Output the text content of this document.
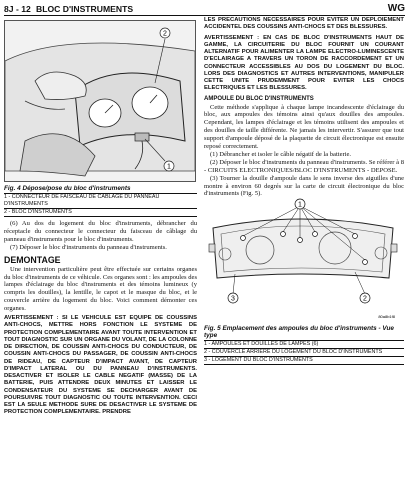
8J - 12 BLOC D'INSTRUMENTS	WG
2
1
Fig. 4 Dépose/pose du bloc d'instruments
1 - CONNECTEUR DE FAISCEAU DE CABLAGE DU PANNEAU D'INSTRUMENTS
2 - BLOC D'INSTRUMENTS

(6) Au dos du logement du bloc d'instruments, débrancher du réceptacle du connecteur le connecteur du faisceau de câblage du panneau d'instruments pour le bloc d'instruments.

(7) Déposer le bloc d'instruments du panneau d'instruments.

DEMONTAGE

Une intervention particulière peut être effectuée sur certains organes du bloc d'instruments de ce véhicule. Ces organes sont : les ampoules des lampes d'éclairage du bloc d'instruments et des témoins lumineux (y compris les douilles), la lentille, le capot et le masque du bloc, et le couvercle arrière du logement du bloc. Voici comment démonter ces organes.

AVERTISSEMENT : SI LE VEHICULE EST EQUIPE DE COUSSINS ANTI-CHOCS, METTRE HORS FONCTION LE SYSTEME DE PROTECTION COMPLEMENTAIRE AVANT TOUTE INTERVENTION ET TOUT DIAGNOSTIC SUR UN ORGANE DU VOLANT, DE LA COLONNE DE DIRECTION, DE COUSSIN ANTI-CHOCS DU CONDUCTEUR, DE COUSSIN ANTI-CHOCS DU PASSAGER, DE COUSSIN ANTI-CHOCS DE RIDEAU, DE CAPTEUR D'IMPACT AVANT, DE CAPTEUR D'IMPACT LATERAL OU DU PANNEAU D'INSTRUMENTS. DESACTIVER ET ISOLER LE CABLE NEGATIF (MASSE) DE LA BATTERIE, PUIS ATTENDRE DEUX MINUTES ET LAISSER LE CONDENSATEUR DU SYSTEME SE DECHARGER AVANT DE POURSUIVRE TOUT DIAGNOSTIC OU TOUTE INTERVENTION. CECI EST LA SEULE METHODE SURE DE DESACTIVER LE SYSTEME DE PROTECTION COMPLEMENTAIRE. PRENDRE

LES PRECAUTIONS NECESSAIRES POUR EVITER UN DEPLOIEMENT ACCIDENTEL DES COUSSINS ANTI-CHOCS ET DES BLESSURES.

AVERTISSEMENT : EN CAS DE BLOC D'INSTRUMENTS HAUT DE GAMME, LA CIRCUITERIE DU BLOC FOURNIT UN COURANT ALTERNATIF POUR ALIMENTER LA LAMPE ELECTRO-LUMINESCENTE D'ECLAIRAGE A TRAVERS UN TORON DE RACCORDEMENT ET UN CONNECTEUR ACCESSIBLES AU DOS DU LOGEMENT DU BLOC. LORS DES DIAGNOSTICS ET AUTRES INTERVENTIONS, MANIPULER CETTE UNITE PRUDEMMENT POUR EVITER LES CHOCS ELECTRIQUES ET LES BLESSURES.

AMPOULE DU BLOC D'INSTRUMENTS

Cette méthode s'applique à chaque lampe incandescente d'éclairage du bloc, aux ampoules des témoins ainsi qu'aux douilles des ampoules. Cependant, les lampes d'éclairage et les témoins utilisent des ampoules et des douilles de taille différente. Ne jamais les intervertir. S'assurer que tout support d'ampoule déposé de la plaquette de circuit électronique est ensuite reposé correctement.

(1) Débrancher et isoler le câble négatif de la batterie.

(2) Déposer le bloc d'instruments du panneau d'instruments. Se référer à 8 - CIRCUITS ELECTRONIQUES/BLOC D'INSTRUMENTS - DEPOSE.

(3) Tourner la douille d'ampoule dans le sens inverse des aiguilles d'une montre à environ 60 degrés sur la carte de circuit électronique du bloc d'instruments (Fig. 5).

1
3	2
80a8b1f8
Fig. 5 Emplacement des ampoules du bloc d'instruments - Vue type
1 - AMPOULES ET DOUILLES DE LAMPES (6)
2 - COUVERCLE ARRIERE DU LOGEMENT DU BLOC D'INSTRUMENTS
3 - LOGEMENT DU BLOC D'INSTRUMENTS
